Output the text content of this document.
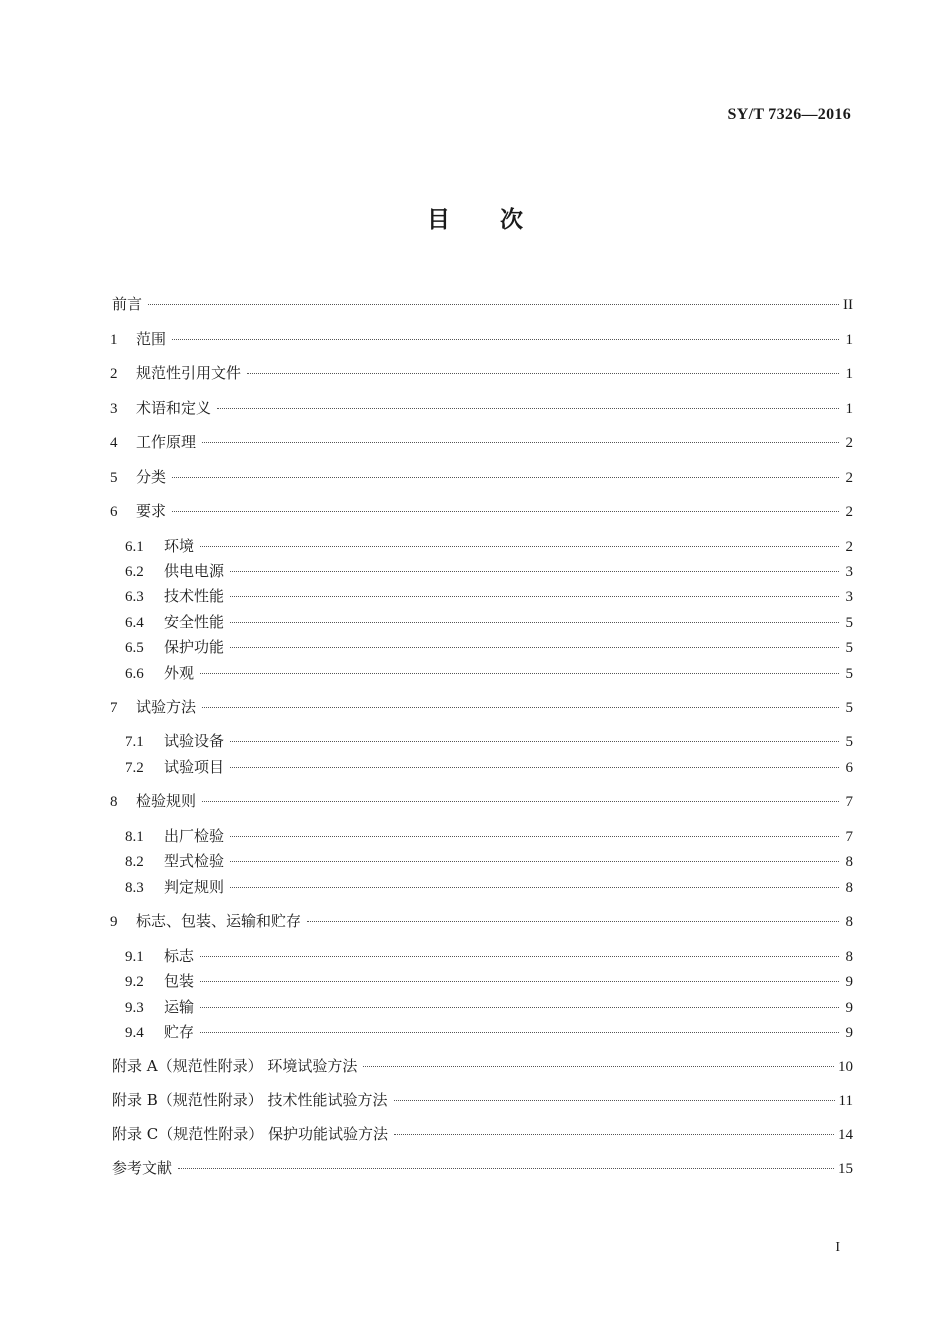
SY/T 7326—2016
目 次
前言	II
1	范围	1
2	规范性引用文件	1
3	术语和定义	1
4	工作原理	2
5	分类	2
6	要求	2
6.1	环境	2
6.2	供电电源	3
6.3	技术性能	3
6.4	安全性能	5
6.5	保护功能	5
6.6	外观	5
7	试验方法	5
7.1	试验设备	5
7.2	试验项目	6
8	检验规则	7
8.1	出厂检验	7
8.2	型式检验	8
8.3	判定规则	8
9	标志、包装、运输和贮存	8
9.1	标志	8
9.2	包装	9
9.3	运输	9
9.4	贮存	9
附录 A（规范性附录） 环境试验方法	10
附录 B（规范性附录） 技术性能试验方法	11
附录 C（规范性附录） 保护功能试验方法	14
参考文献	15
I
